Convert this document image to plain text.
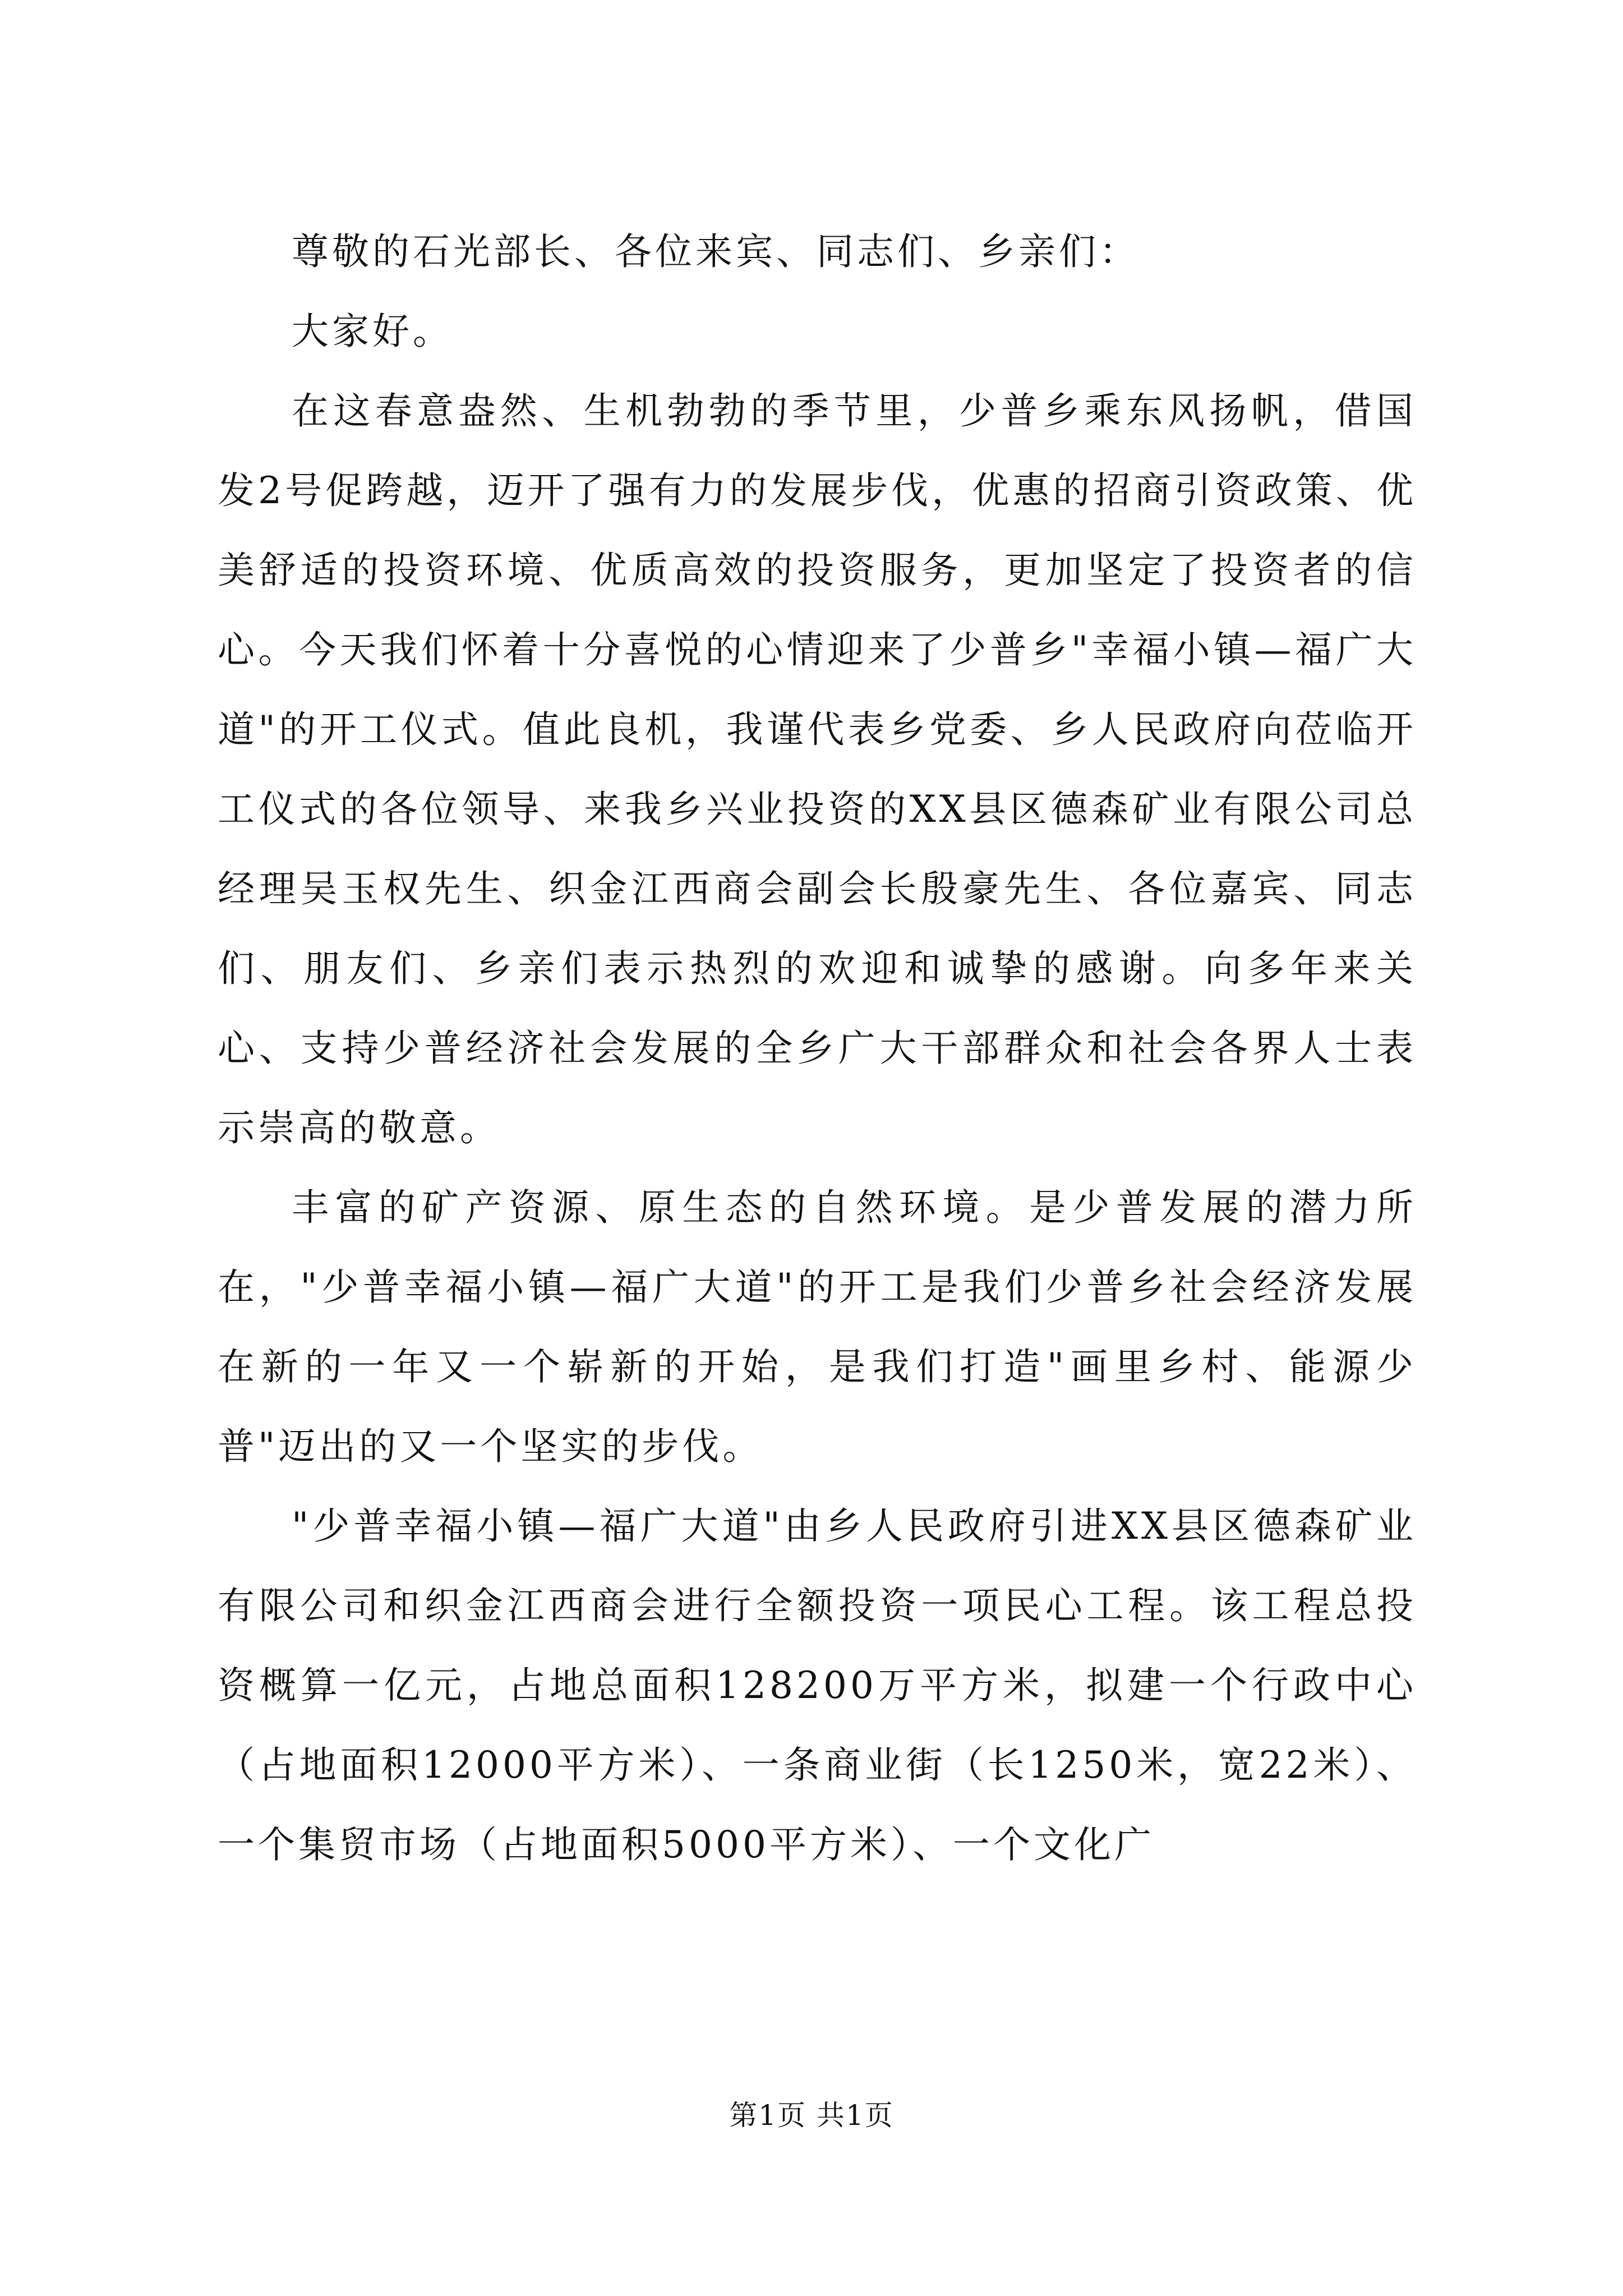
尊敬的石光部长、各位来宾、同志们、乡亲们：

大家好。

在这春意盎然、生机勃勃的季节里，少普乡乘东风扬帆，借国发2号促跨越，迈开了强有力的发展步伐，优惠的招商引资政策、优美舒适的投资环境、优质高效的投资服务，更加坚定了投资者的信心。今天我们怀着十分喜悦的心情迎来了少普乡"幸福小镇—福广大道"的开工仪式。值此良机，我谨代表乡党委、乡人民政府向莅临开工仪式的各位领导、来我乡兴业投资的XX县区德森矿业有限公司总经理吴玉权先生、织金江西商会副会长殷豪先生、各位嘉宾、同志们、朋友们、乡亲们表示热烈的欢迎和诚挚的感谢。向多年来关心、支持少普经济社会发展的全乡广大干部群众和社会各界人士表示崇高的敬意。

丰富的矿产资源、原生态的自然环境。是少普发展的潜力所在，"少普幸福小镇—福广大道"的开工是我们少普乡社会经济发展在新的一年又一个崭新的开始，是我们打造"画里乡村、能源少普"迈出的又一个坚实的步伐。

"少普幸福小镇—福广大道"由乡人民政府引进XX县区德森矿业有限公司和织金江西商会进行全额投资一项民心工程。该工程总投资概算一亿元，占地总面积128200万平方米，拟建一个行政中心（占地面积12000平方米）、一条商业街（长1250米，宽22米）、一个集贸市场（占地面积5000平方米）、一个文化广

第1页 共1页
